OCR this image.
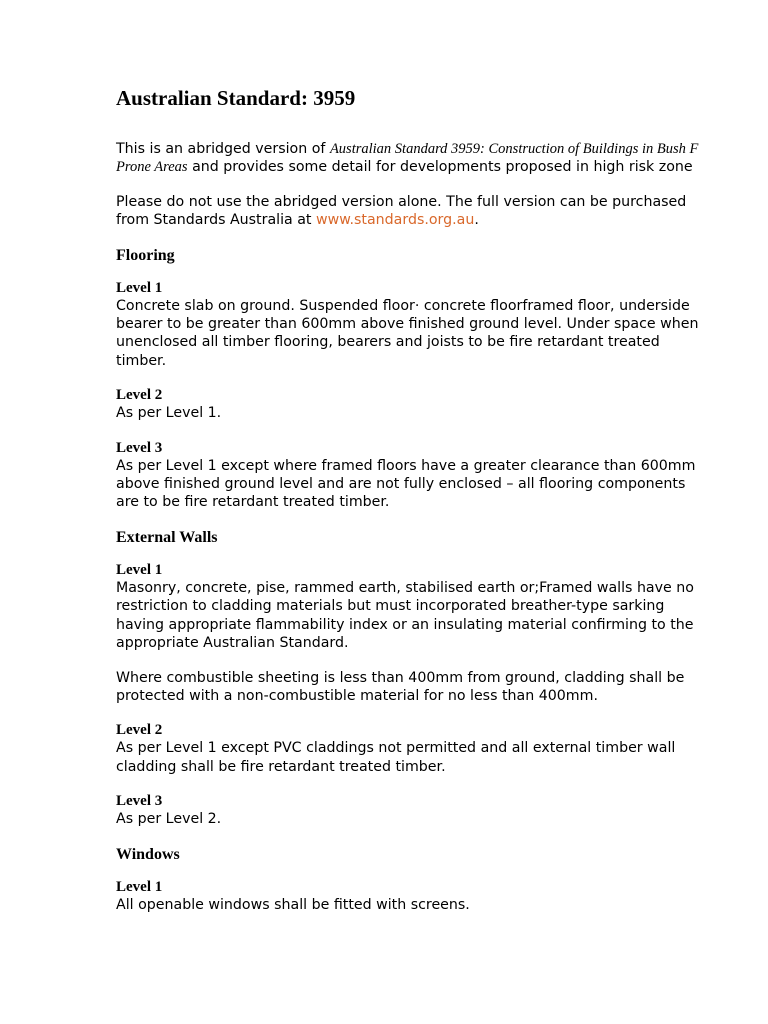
Australian Standard: 3959
This is an abridged version of Australian Standard 3959: Construction of Buildings in Bush F
Prone Areas and provides some detail for developments proposed in high risk zone
Please do not use the abridged version alone. The full version can be purchased
from Standards Australia at www.standards.org.au.
Flooring
Level 1
Concrete slab on ground. Suspended floor· concrete floorframed floor, underside
bearer to be greater than 600mm above finished ground level. Under space when
unenclosed all timber flooring, bearers and joists to be fire retardant treated
timber.
Level 2
As per Level 1.
Level 3
As per Level 1 except where framed floors have a greater clearance than 600mm
above finished ground level and are not fully enclosed – all flooring components
are to be fire retardant treated timber.
External Walls
Level 1
Masonry, concrete, pise, rammed earth, stabilised earth or;Framed walls have no
restriction to cladding materials but must incorporated breather-type sarking
having appropriate flammability index or an insulating material confirming to the
appropriate Australian Standard.
Where combustible sheeting is less than 400mm from ground, cladding shall be
protected with a non-combustible material for no less than 400mm.
Level 2
As per Level 1 except PVC claddings not permitted and all external timber wall
cladding shall be fire retardant treated timber.
Level 3
As per Level 2.
Windows
Level 1
All openable windows shall be fitted with screens.
